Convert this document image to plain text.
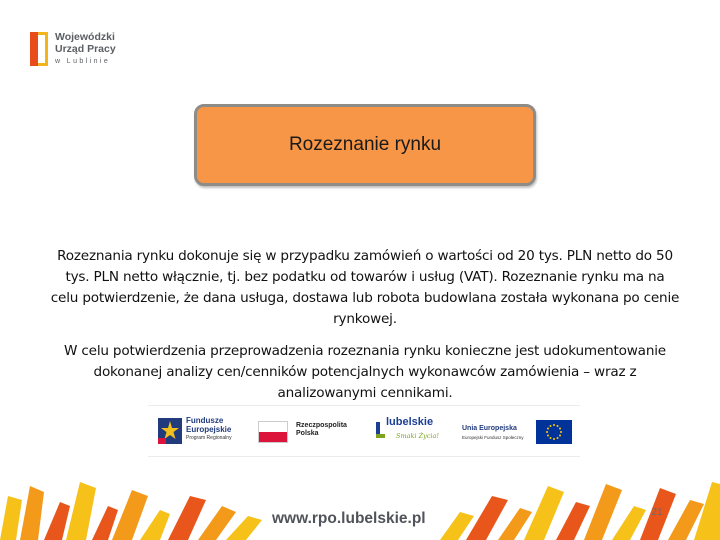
Wojewódzki
Urząd Pracy
w Lublinie
Rozeznanie rynku

Rozeznania rynku dokonuje się w przypadku zamówień o wartości od 20 tys. PLN netto do 50 tys. PLN netto włącznie, tj. bez podatku od towarów i usług (VAT). Rozeznanie rynku ma na celu potwierdzenie, że dana usługa, dostawa lub robota budowlana została wykonana po cenie rynkowej.

W celu potwierdzenia przeprowadzenia rozeznania rynku konieczne jest udokumentowanie dokonanej analizy cen/cenników potencjalnych wykonawców zamówienia – wraz z analizowanymi cennikami.

Fundusze
Europejskie
Program Regionalny
Rzeczpospolita
Polska
lubelskie
Smaki Życia!
Unia Europejska
Europejski Fundusz Społeczny
www.rpo.lubelskie.pl	21
